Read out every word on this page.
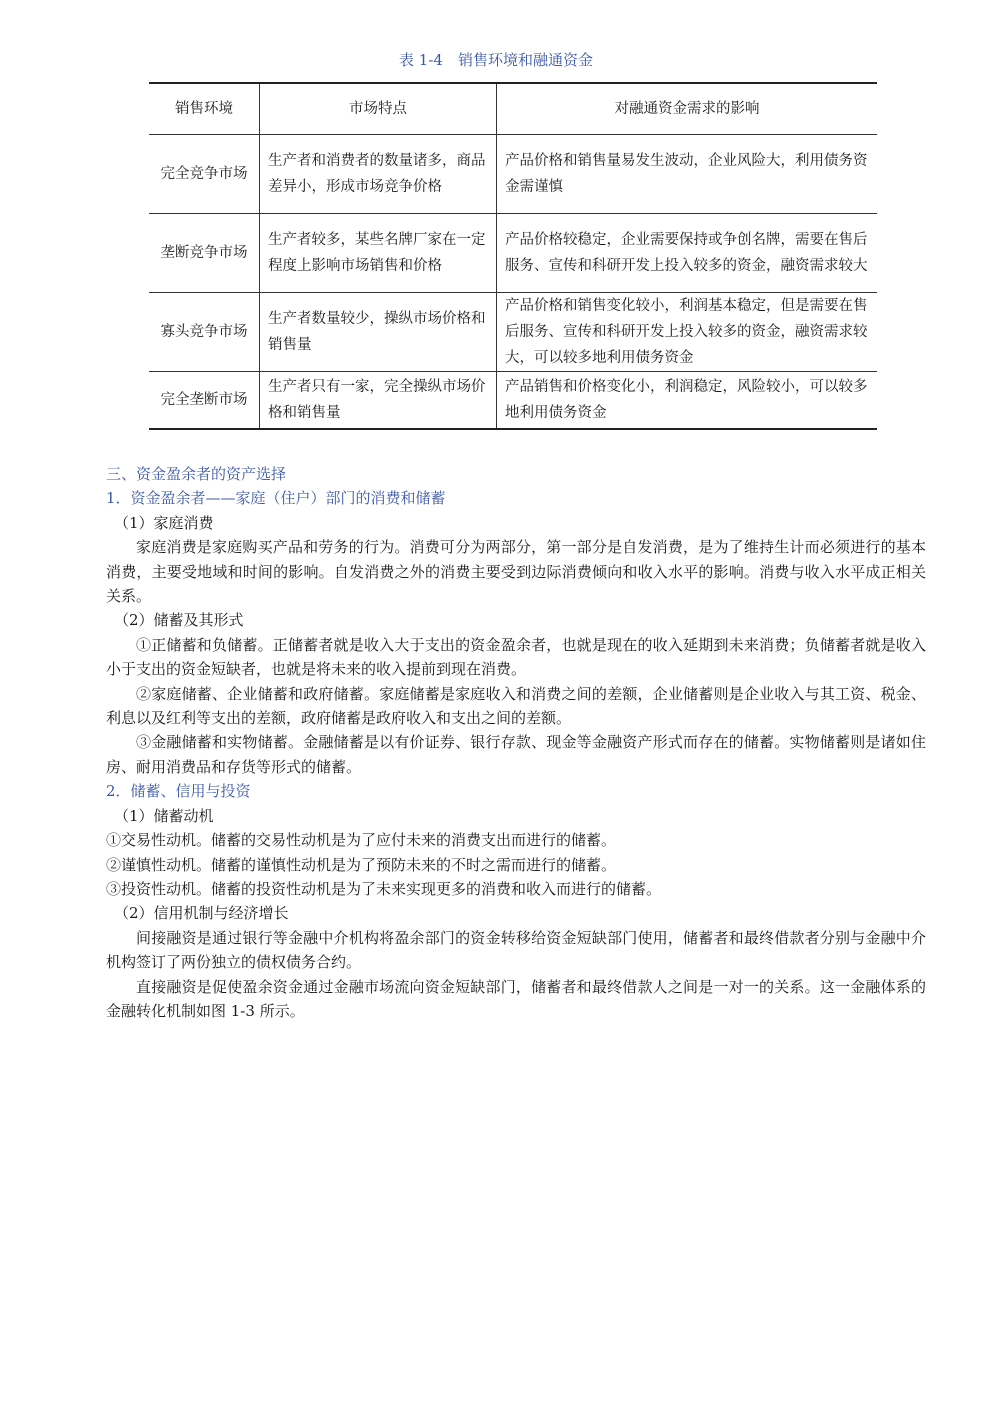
表 1-4　销售环境和融通资金
销售环境	市场特点	对融通资金需求的影响
完全竞争市场	生产者和消费者的数量诸多，商品差异小，形成市场竞争价格	产品价格和销售量易发生波动，企业风险大，利用债务资金需谨慎
垄断竞争市场	生产者较多，某些名牌厂家在一定程度上影响市场销售和价格	产品价格较稳定，企业需要保持或争创名牌，需要在售后服务、宣传和科研开发上投入较多的资金，融资需求较大
寡头竞争市场	生产者数量较少，操纵市场价格和销售量	产品价格和销售变化较小，利润基本稳定，但是需要在售后服务、宣传和科研开发上投入较多的资金，融资需求较大，可以较多地利用债务资金
完全垄断市场	生产者只有一家，完全操纵市场价格和销售量	产品销售和价格变化小，利润稳定，风险较小，可以较多地利用债务资金

三、资金盈余者的资产选择

1．资金盈余者——家庭（住户）部门的消费和储蓄

（1）家庭消费

家庭消费是家庭购买产品和劳务的行为。消费可分为两部分，第一部分是自发消费，是为了维持生计而必须进行的基本消费，主要受地域和时间的影响。自发消费之外的消费主要受到边际消费倾向和收入水平的影响。消费与收入水平成正相关关系。

（2）储蓄及其形式

①正储蓄和负储蓄。正储蓄者就是收入大于支出的资金盈余者，也就是现在的收入延期到未来消费；负储蓄者就是收入小于支出的资金短缺者，也就是将未来的收入提前到现在消费。

②家庭储蓄、企业储蓄和政府储蓄。家庭储蓄是家庭收入和消费之间的差额，企业储蓄则是企业收入与其工资、税金、利息以及红利等支出的差额，政府储蓄是政府收入和支出之间的差额。

③金融储蓄和实物储蓄。金融储蓄是以有价证券、银行存款、现金等金融资产形式而存在的储蓄。实物储蓄则是诸如住房、耐用消费品和存货等形式的储蓄。

2．储蓄、信用与投资

（1）储蓄动机

①交易性动机。储蓄的交易性动机是为了应付未来的消费支出而进行的储蓄。

②谨慎性动机。储蓄的谨慎性动机是为了预防未来的不时之需而进行的储蓄。

③投资性动机。储蓄的投资性动机是为了未来实现更多的消费和收入而进行的储蓄。

（2）信用机制与经济增长

间接融资是通过银行等金融中介机构将盈余部门的资金转移给资金短缺部门使用，储蓄者和最终借款者分别与金融中介机构签订了两份独立的债权债务合约。

直接融资是促使盈余资金通过金融市场流向资金短缺部门，储蓄者和最终借款人之间是一对一的关系。这一金融体系的金融转化机制如图 1-3 所示。
